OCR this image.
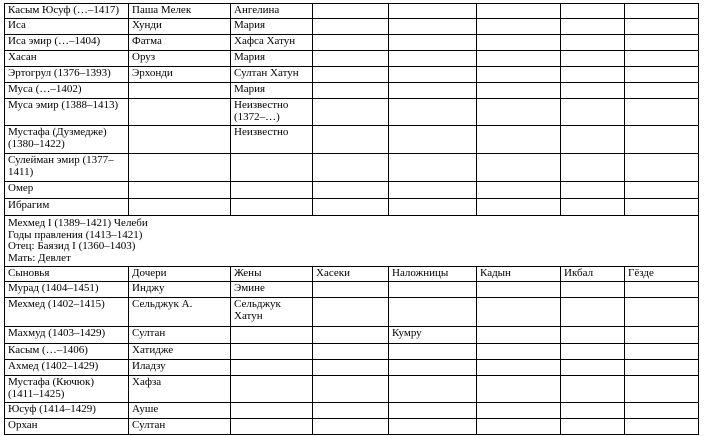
Касым Юсуф (…–1417)	Паша Мелек	Ангелина					
Иса	Хунди	Мария					
Иса эмир (…–1404)	Фатма	Хафса Хатун					
Хасан	Оруз	Мария					
Эртогрул (1376–1393)	Эрхонди	Султан Хатун					
Муса (…–1402)		Мария					
Муса эмир (1388–1413)		Неизвестно (1372–…)					
Мустафа (Дузмедже) (1380–1422)		Неизвестно					
Сулейман эмир (1377–1411)							
Омер							
Ибрагим							

Мехмед I (1389–1421) Челеби
Годы правления (1413–1421)
Отец: Баязид I (1360–1403)
Мать: Девлет							

Сыновья	Дочери	Жены	Хасеки	Наложницы	Кадын	Икбал	Гёзде
Мурад (1404–1451)	Инджу	Эмине					
Мехмед (1402–1415)	Сельджук А.	Сельджук Хатун					
Махмуд (1403–1429)	Султан			Кумру			
Касым (…–1406)	Хатидже						
Ахмед (1402–1429)	Иладзу						
Мустафа (Кючюк) (1411–1425)	Хафза						
Юсуф (1414–1429)	Ауше						
Орхан	Султан						
